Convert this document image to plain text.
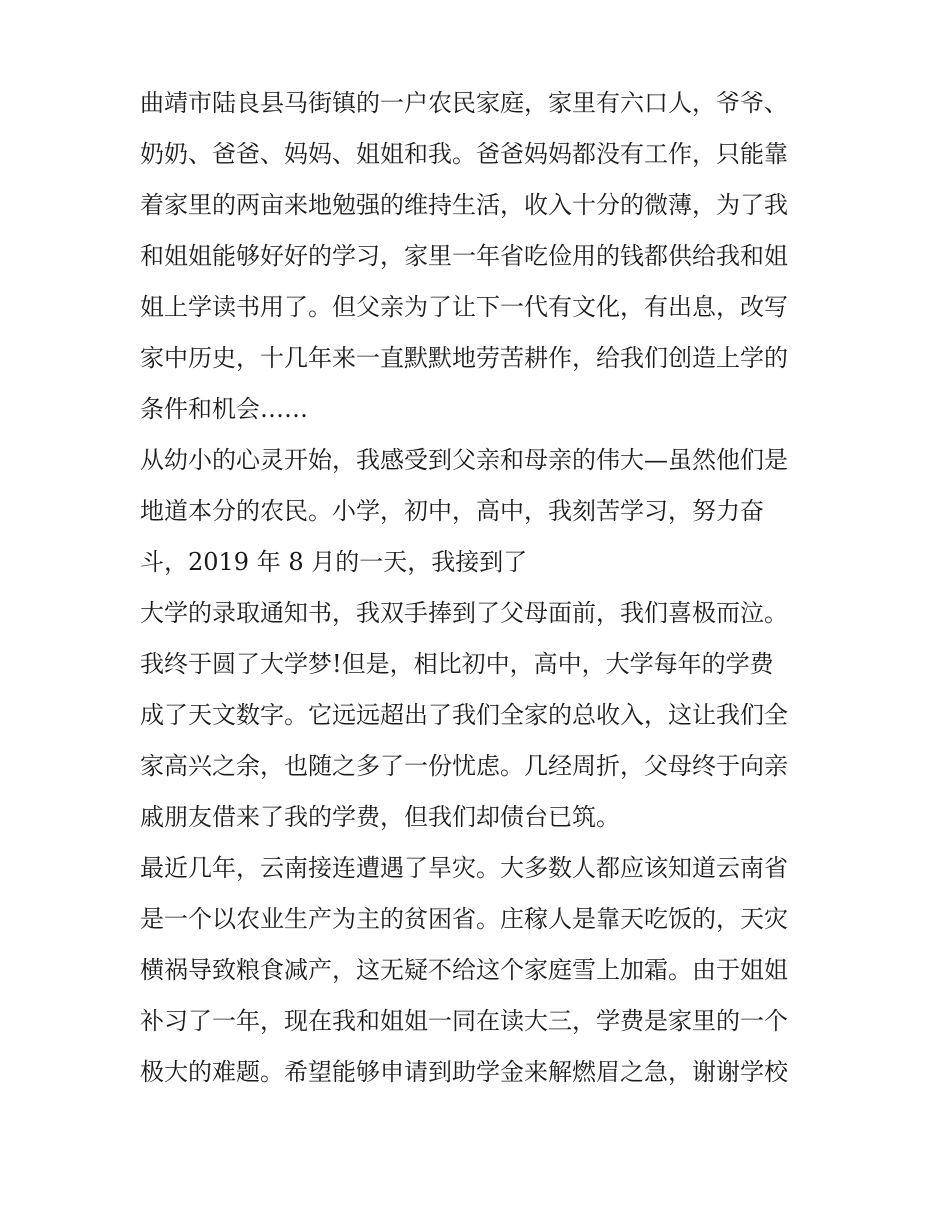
曲靖市陆良县马街镇的一户农民家庭，家里有六口人，爷爷、
奶奶、爸爸、妈妈、姐姐和我。爸爸妈妈都没有工作，只能靠
着家里的两亩来地勉强的维持生活，收入十分的微薄，为了我
和姐姐能够好好的学习，家里一年省吃俭用的钱都供给我和姐
姐上学读书用了。但父亲为了让下一代有文化，有出息，改写
家中历史，十几年来一直默默地劳苦耕作，给我们创造上学的
条件和机会……
从幼小的心灵开始，我感受到父亲和母亲的伟大—虽然他们是
地道本分的农民。小学，初中，高中，我刻苦学习，努力奋
斗，2019 年 8 月的一天，我接到了
大学的录取通知书，我双手捧到了父母面前，我们喜极而泣。
我终于圆了大学梦!但是，相比初中，高中，大学每年的学费
成了天文数字。它远远超出了我们全家的总收入，这让我们全
家高兴之余，也随之多了一份忧虑。几经周折，父母终于向亲
戚朋友借来了我的学费，但我们却债台已筑。
最近几年，云南接连遭遇了旱灾。大多数人都应该知道云南省
是一个以农业生产为主的贫困省。庄稼人是靠天吃饭的，天灾
横祸导致粮食减产，这无疑不给这个家庭雪上加霜。由于姐姐
补习了一年，现在我和姐姐一同在读大三，学费是家里的一个
极大的难题。希望能够申请到助学金来解燃眉之急，谢谢学校
